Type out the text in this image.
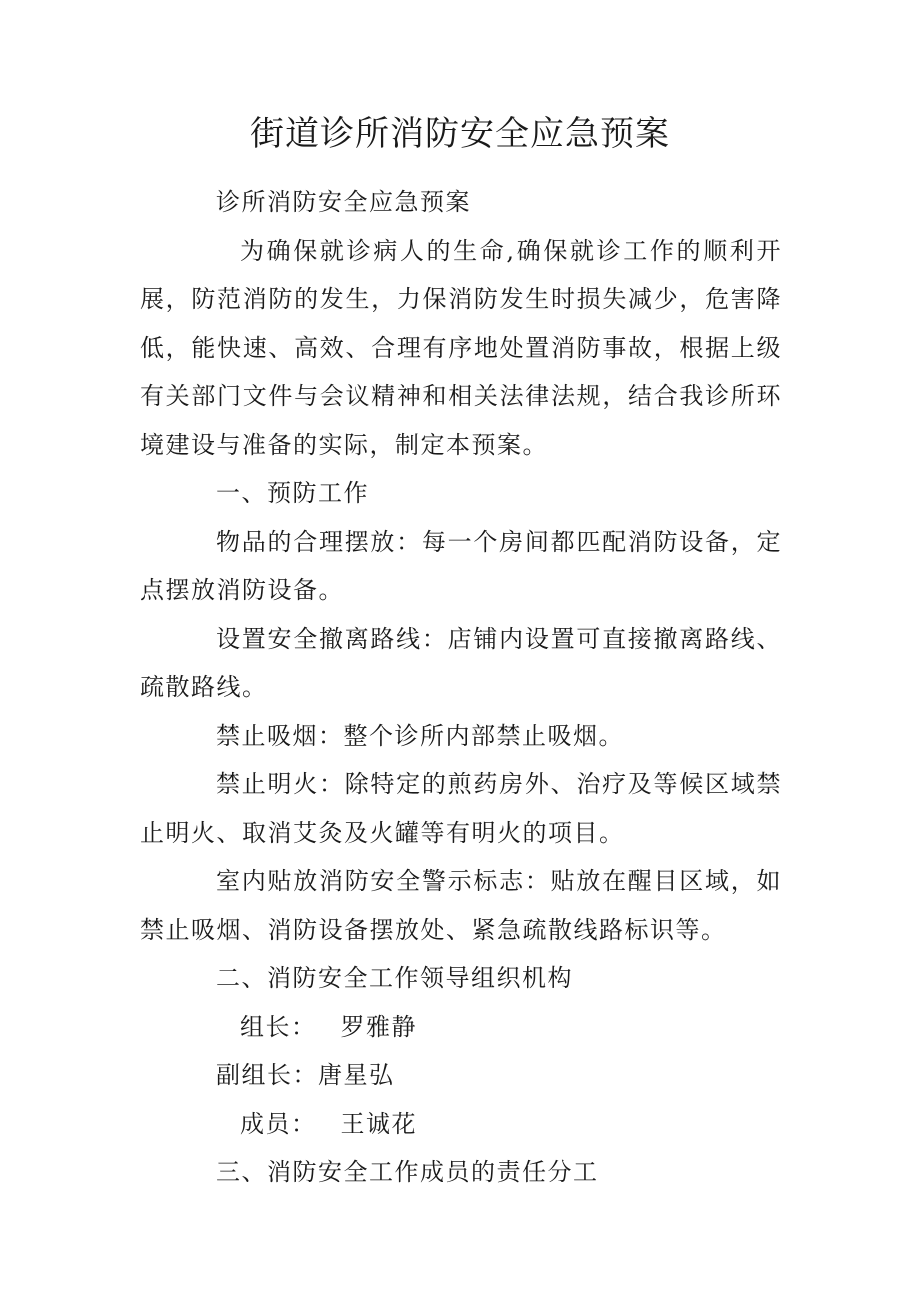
街道诊所消防安全应急预案

诊所消防安全应急预案

为确保就诊病人的生命,确保就诊工作的顺利开展，防范消防的发生，力保消防发生时损失减少，危害降低，能快速、高效、合理有序地处置消防事故，根据上级有关部门文件与会议精神和相关法律法规，结合我诊所环境建设与准备的实际，制定本预案。

一、预防工作

物品的合理摆放：每一个房间都匹配消防设备，定点摆放消防设备。

设置安全撤离路线：店铺内设置可直接撤离路线、疏散路线。

禁止吸烟：整个诊所内部禁止吸烟。

禁止明火：除特定的煎药房外、治疗及等候区域禁止明火、取消艾灸及火罐等有明火的项目。

室内贴放消防安全警示标志：贴放在醒目区域，如禁止吸烟、消防设备摆放处、紧急疏散线路标识等。

二、消防安全工作领导组织机构

组长： 罗雅静

副组长：唐星弘

成员： 王诚花

三、消防安全工作成员的责任分工
